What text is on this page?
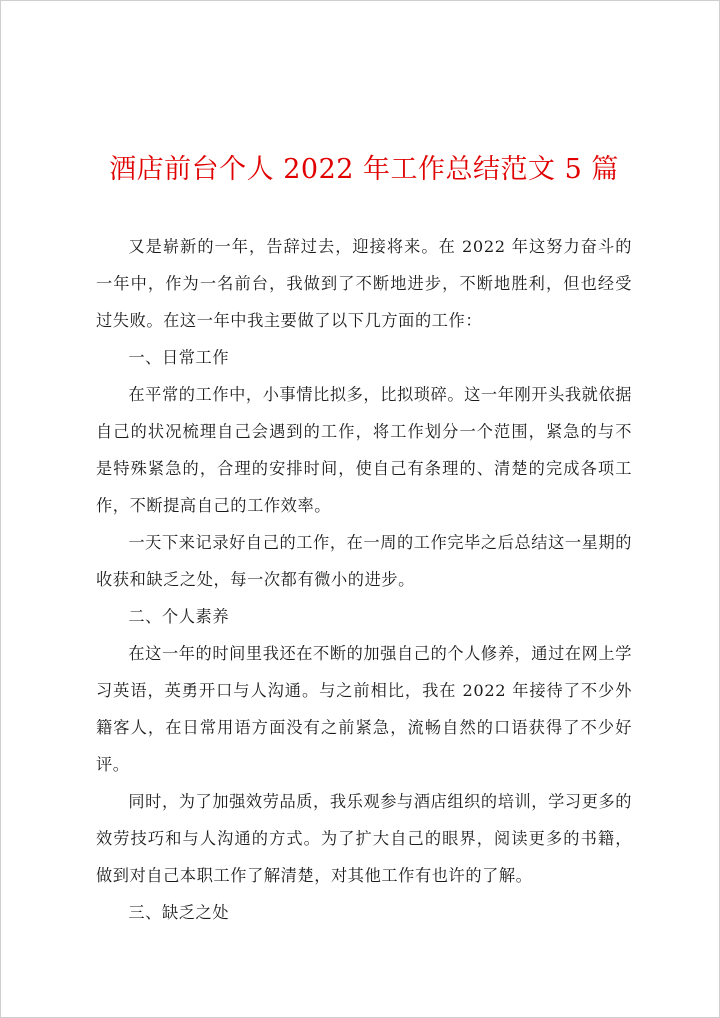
酒店前台个人 2022 年工作总结范文 5 篇

又是崭新的一年，告辞过去，迎接将来。在 2022 年这努力奋斗的一年中，作为一名前台，我做到了不断地进步，不断地胜利，但也经受过失败。在这一年中我主要做了以下几方面的工作：

一、日常工作

在平常的工作中，小事情比拟多，比拟琐碎。这一年刚开头我就依据自己的状况梳理自己会遇到的工作，将工作划分一个范围，紧急的与不是特殊紧急的，合理的安排时间，使自己有条理的、清楚的完成各项工作，不断提高自己的工作效率。

一天下来记录好自己的工作，在一周的工作完毕之后总结这一星期的收获和缺乏之处，每一次都有微小的进步。

二、个人素养

在这一年的时间里我还在不断的加强自己的个人修养，通过在网上学习英语，英勇开口与人沟通。与之前相比，我在 2022 年接待了不少外籍客人，在日常用语方面没有之前紧急，流畅自然的口语获得了不少好评。

同时，为了加强效劳品质，我乐观参与酒店组织的培训，学习更多的效劳技巧和与人沟通的方式。为了扩大自己的眼界，阅读更多的书籍，做到对自己本职工作了解清楚，对其他工作有也许的了解。

三、缺乏之处
